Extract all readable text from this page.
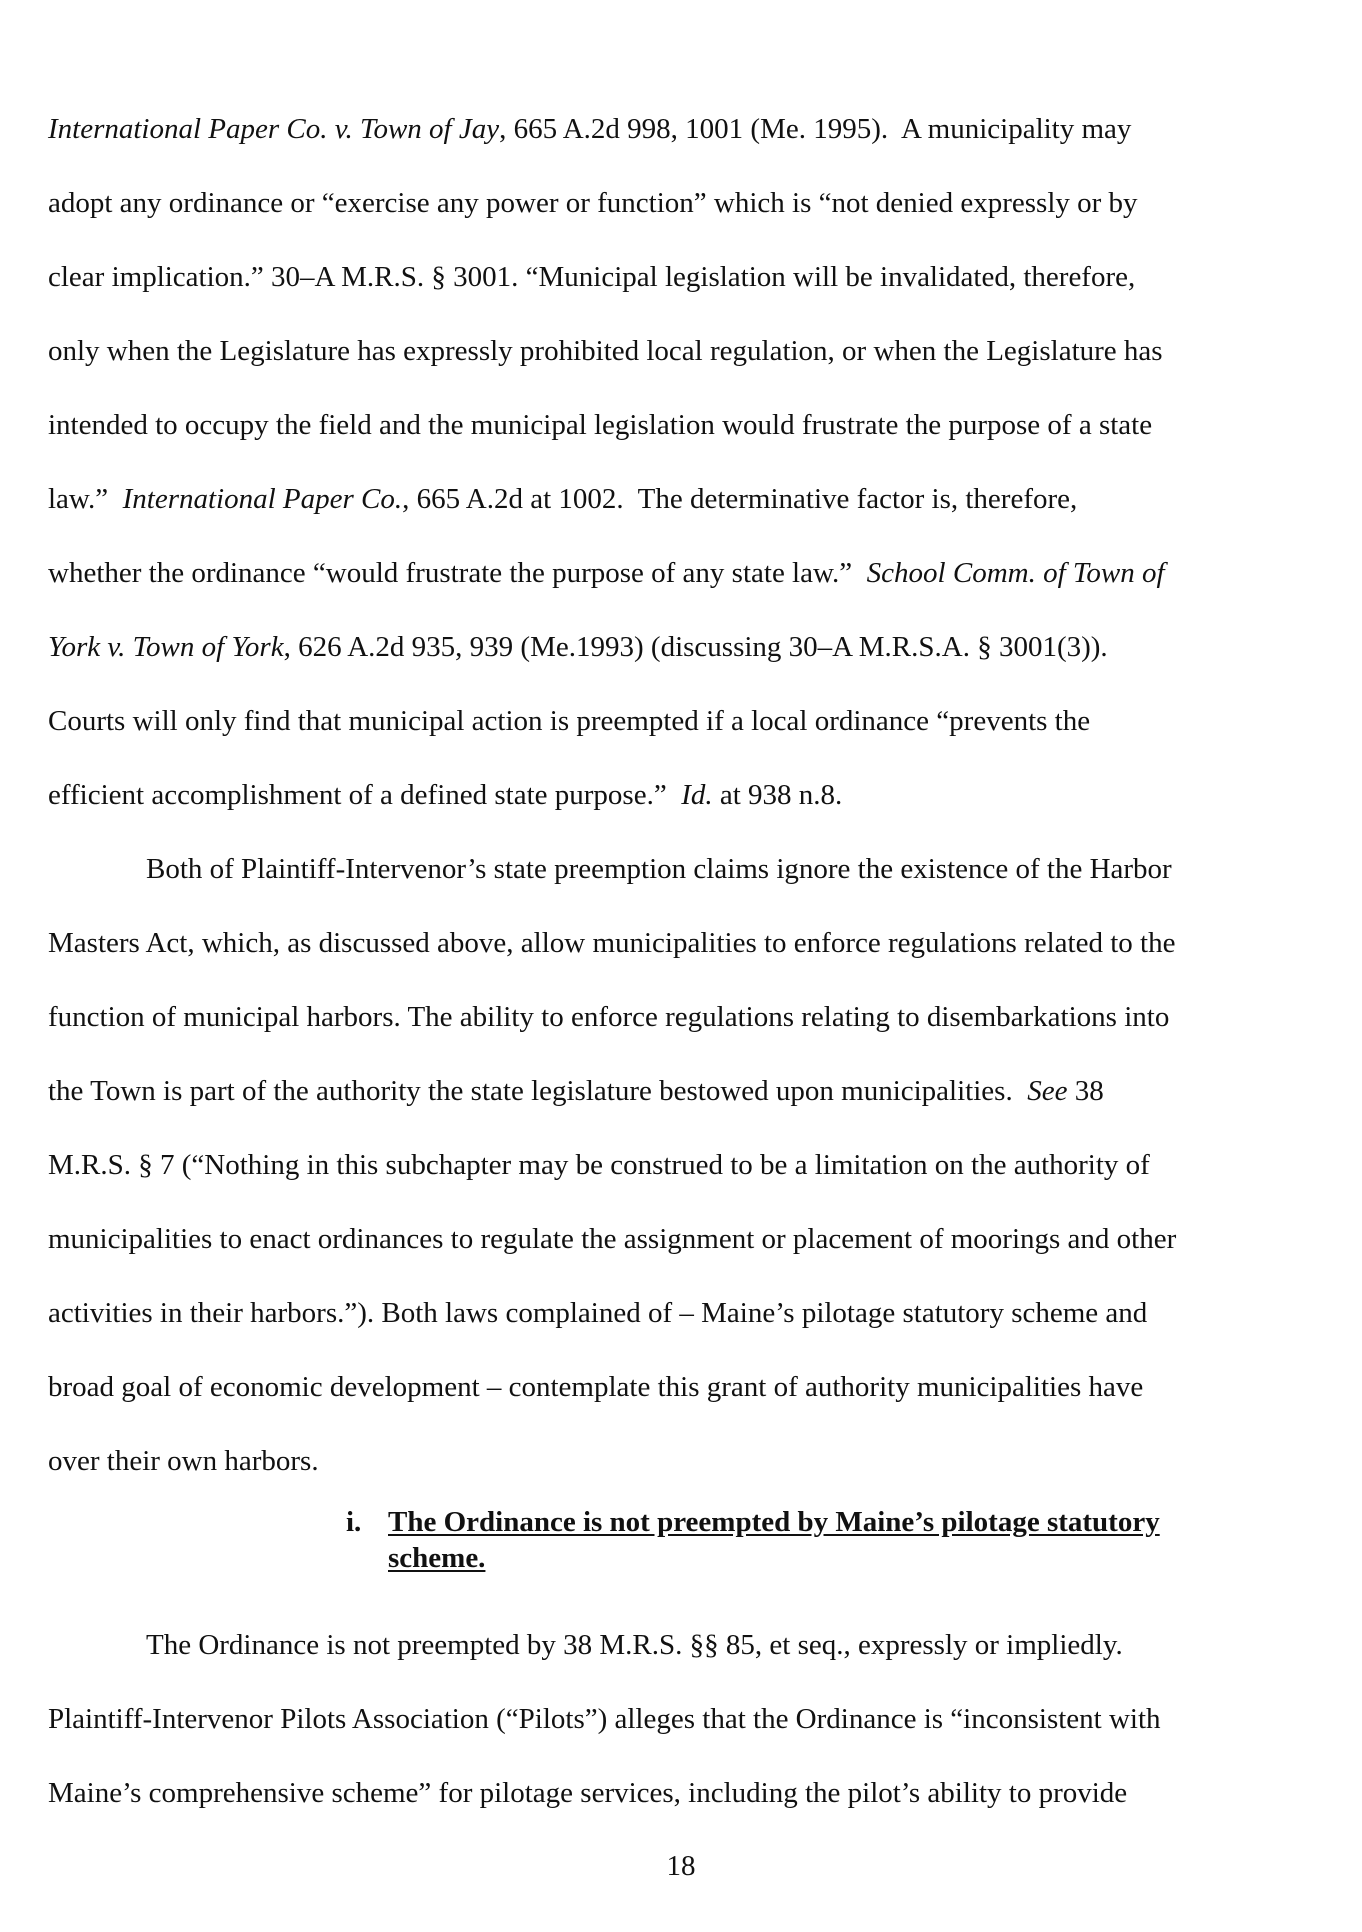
International Paper Co. v. Town of Jay, 665 A.2d 998, 1001 (Me. 1995).  A municipality may
adopt any ordinance or “exercise any power or function” which is “not denied expressly or by
clear implication.” 30–A M.R.S. § 3001. “Municipal legislation will be invalidated, therefore,
only when the Legislature has expressly prohibited local regulation, or when the Legislature has
intended to occupy the field and the municipal legislation would frustrate the purpose of a state
law.”  International Paper Co., 665 A.2d at 1002.  The determinative factor is, therefore,
whether the ordinance “would frustrate the purpose of any state law.”  School Comm. of Town of
York v. Town of York, 626 A.2d 935, 939 (Me.1993) (discussing 30–A M.R.S.A. § 3001(3)).
Courts will only find that municipal action is preempted if a local ordinance “prevents the
efficient accomplishment of a defined state purpose.”  Id. at 938 n.8.

Both of Plaintiff-Intervenor’s state preemption claims ignore the existence of the Harbor
Masters Act, which, as discussed above, allow municipalities to enforce regulations related to the
function of municipal harbors. The ability to enforce regulations relating to disembarkations into
the Town is part of the authority the state legislature bestowed upon municipalities.  See 38
M.R.S. § 7 (“Nothing in this subchapter may be construed to be a limitation on the authority of
municipalities to enact ordinances to regulate the assignment or placement of moorings and other
activities in their harbors.”). Both laws complained of – Maine’s pilotage statutory scheme and
broad goal of economic development – contemplate this grant of authority municipalities have
over their own harbors.

i. The Ordinance is not preempted by Maine’s pilotage statutory
scheme.

The Ordinance is not preempted by 38 M.R.S. §§ 85, et seq., expressly or impliedly.
Plaintiff-Intervenor Pilots Association (“Pilots”) alleges that the Ordinance is “inconsistent with
Maine’s comprehensive scheme” for pilotage services, including the pilot’s ability to provide

18
